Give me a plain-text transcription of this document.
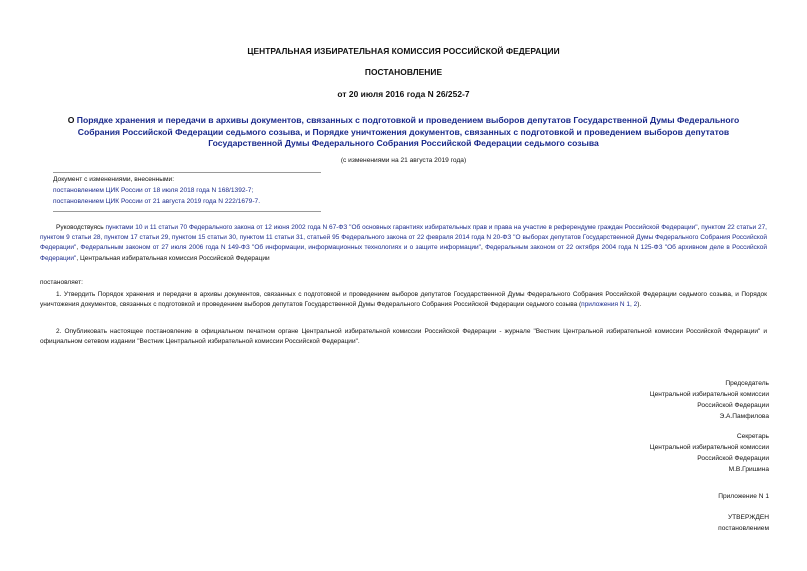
ЦЕНТРАЛЬНАЯ ИЗБИРАТЕЛЬНАЯ КОМИССИЯ РОССИЙСКОЙ ФЕДЕРАЦИИ
ПОСТАНОВЛЕНИЕ
от 20 июля 2016 года N 26/252-7
О Порядке хранения и передачи в архивы документов, связанных с подготовкой и проведением выборов депутатов Государственной Думы Федерального Собрания Российской Федерации седьмого созыва, и Порядке уничтожения документов, связанных с подготовкой и проведением выборов депутатов Государственной Думы Федерального Собрания Российской Федерации седьмого созыва
(с изменениями на 21 августа 2019 года)
Документ с изменениями, внесенными:
постановлением ЦИК России от 18 июля 2018 года N 168/1392-7;
постановлением ЦИК России от 21 августа 2019 года N 222/1679-7.
Руководствуясь пунктами 10 и 11 статьи 70 Федерального закона от 12 июня 2002 года N 67-ФЗ "Об основных гарантиях избирательных прав и права на участие в референдуме граждан Российской Федерации", пунктом 22 статьи 27, пунктом 9 статьи 28, пунктом 17 статьи 29, пунктом 15 статьи 30, пунктом 11 статьи 31, статьей 95 Федерального закона от 22 февраля 2014 года N 20-ФЗ "О выборах депутатов Государственной Думы Федерального Собрания Российской Федерации", Федеральным законом от 27 июля 2006 года N 149-ФЗ "Об информации, информационных технологиях и о защите информации", Федеральным законом от 22 октября 2004 года N 125-ФЗ "Об архивном деле в Российской Федерации", Центральная избирательная комиссия Российской Федерации
постановляет:
1. Утвердить Порядок хранения и передачи в архивы документов, связанных с подготовкой и проведением выборов депутатов Государственной Думы Федерального Собрания Российской Федерации седьмого созыва, и Порядок уничтожения документов, связанных с подготовкой и проведением выборов депутатов Государственной Думы Федерального Собрания Российской Федерации седьмого созыва (приложения N 1, 2).
2. Опубликовать настоящее постановление в официальном печатном органе Центральной избирательной комиссии Российской Федерации - журнале "Вестник Центральной избирательной комиссии Российской Федерации" и официальном сетевом издании "Вестник Центральной избирательной комиссии Российской Федерации".
Председатель
Центральной избирательной комиссии
Российской Федерации
Э.А.Памфилова
Секретарь
Центральной избирательной комиссии
Российской Федерации
М.В.Гришина
Приложение N 1
УТВЕРЖДЕН
постановлением
